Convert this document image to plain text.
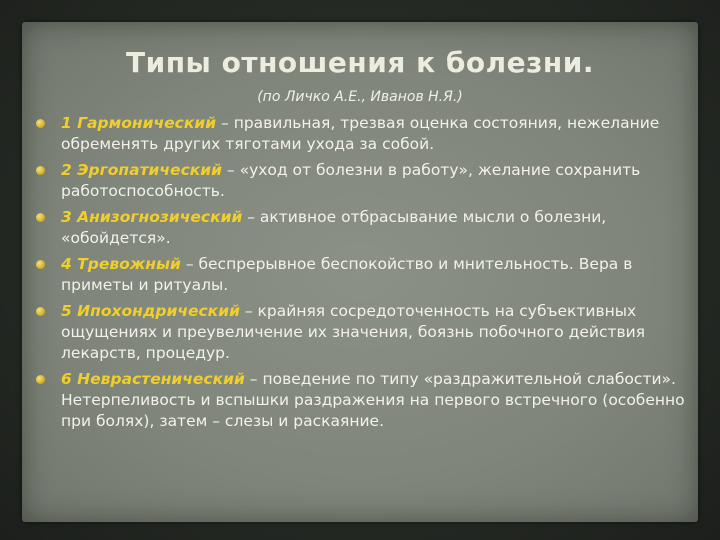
Типы отношения к болезни.
(по Личко А.Е., Иванов Н.Я.)
1 Гармонический – правильная, трезвая оценка состояния, нежелание обременять других тяготами ухода за собой.
2 Эргопатический – «уход от болезни в работу», желание сохранить работоспособность.
3 Анизогнозический – активное отбрасывание мысли о болезни, «обойдется».
4 Тревожный – беспрерывное беспокойство и мнительность. Вера в приметы и ритуалы.
5 Ипохондрический – крайняя сосредоточенность на субъективных ощущениях и преувеличение их значения, боязнь побочного действия лекарств, процедур.
6 Неврастенический – поведение по типу «раздражительной слабости». Нетерпеливость и вспышки раздражения на первого встречного (особенно при болях), затем – слезы и раскаяние.
